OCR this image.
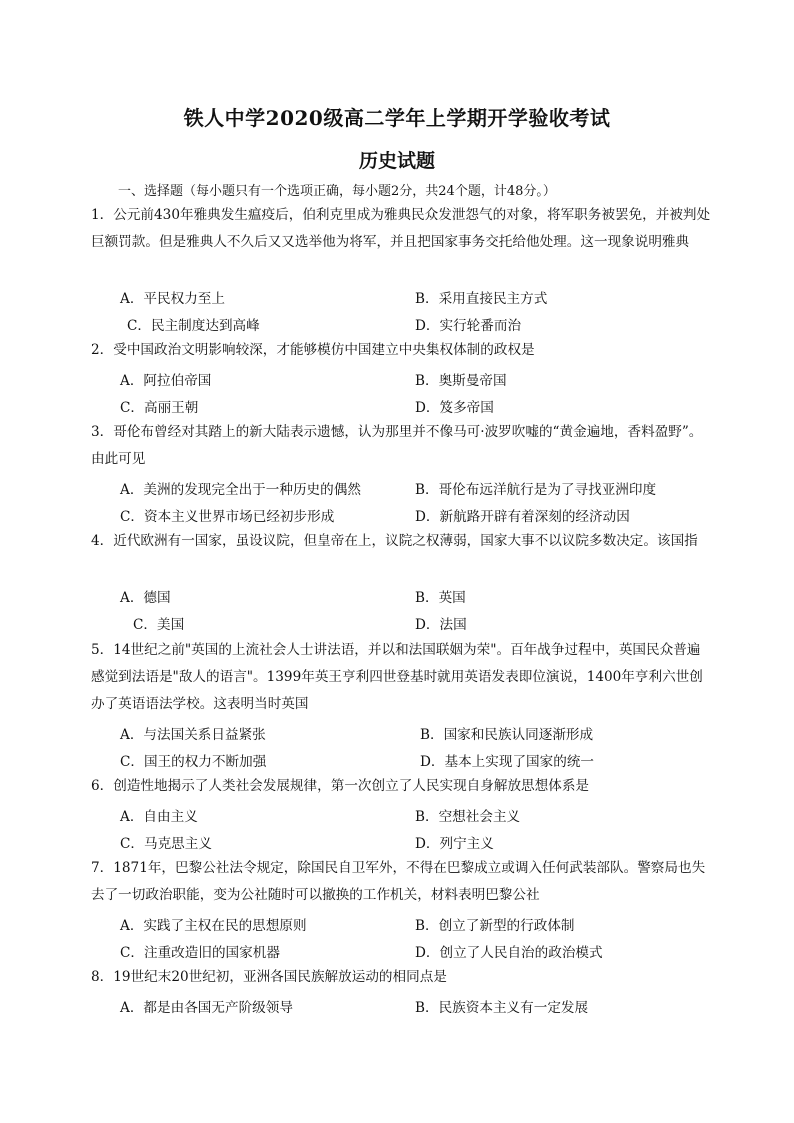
铁人中学2020级高二学年上学期开学验收考试
历史试题
一、选择题（每小题只有一个选项正确，每小题2分，共24个题，计48分。）
1．公元前430年雅典发生瘟疫后，伯利克里成为雅典民众发泄怨气的对象，将军职务被罢免，并被判处巨额罚款。但是雅典人不久后又又选举他为将军，并且把国家事务交托给他处理。这一现象说明雅典
A．平民权力至上	B．采用直接民主方式
C．民主制度达到高峰	D．实行轮番而治
2．受中国政治文明影响较深，才能够模仿中国建立中央集权体制的政权是
A．阿拉伯帝国	B．奥斯曼帝国
C．高丽王朝	D．笈多帝国
3．哥伦布曾经对其踏上的新大陆表示遗憾，认为那里并不像马可·波罗吹嘘的“黄金遍地，香料盈野”。由此可见
A．美洲的发现完全出于一种历史的偶然	B．哥伦布远洋航行是为了寻找亚洲印度
C．资本主义世界市场已经初步形成	D．新航路开辟有着深刻的经济动因
4．近代欧洲有一国家，虽设议院，但皇帝在上，议院之权薄弱，国家大事不以议院多数决定。该国指
A．德国	B．英国
C．美国	D．法国
5．14世纪之前"英国的上流社会人士讲法语，并以和法国联姻为荣"。百年战争过程中，英国民众普遍感觉到法语是"敌人的语言"。1399年英王亨利四世登基时就用英语发表即位演说，1400年亨利六世创办了英语语法学校。这表明当时英国
A．与法国关系日益紧张	B．国家和民族认同逐渐形成
C．国王的权力不断加强	D．基本上实现了国家的统一
6．创造性地揭示了人类社会发展规律，第一次创立了人民实现自身解放思想体系是
A．自由主义	B．空想社会主义
C．马克思主义	D．列宁主义
7．1871年，巴黎公社法令规定，除国民自卫军外，不得在巴黎成立或调入任何武装部队。警察局也失去了一切政治职能，变为公社随时可以撤换的工作机关，材料表明巴黎公社
A．实践了主权在民的思想原则	B．创立了新型的行政体制
C．注重改造旧的国家机器	D．创立了人民自治的政治模式
8．19世纪末20世纪初，亚洲各国民族解放运动的相同点是
A．都是由各国无产阶级领导	B．民族资本主义有一定发展
